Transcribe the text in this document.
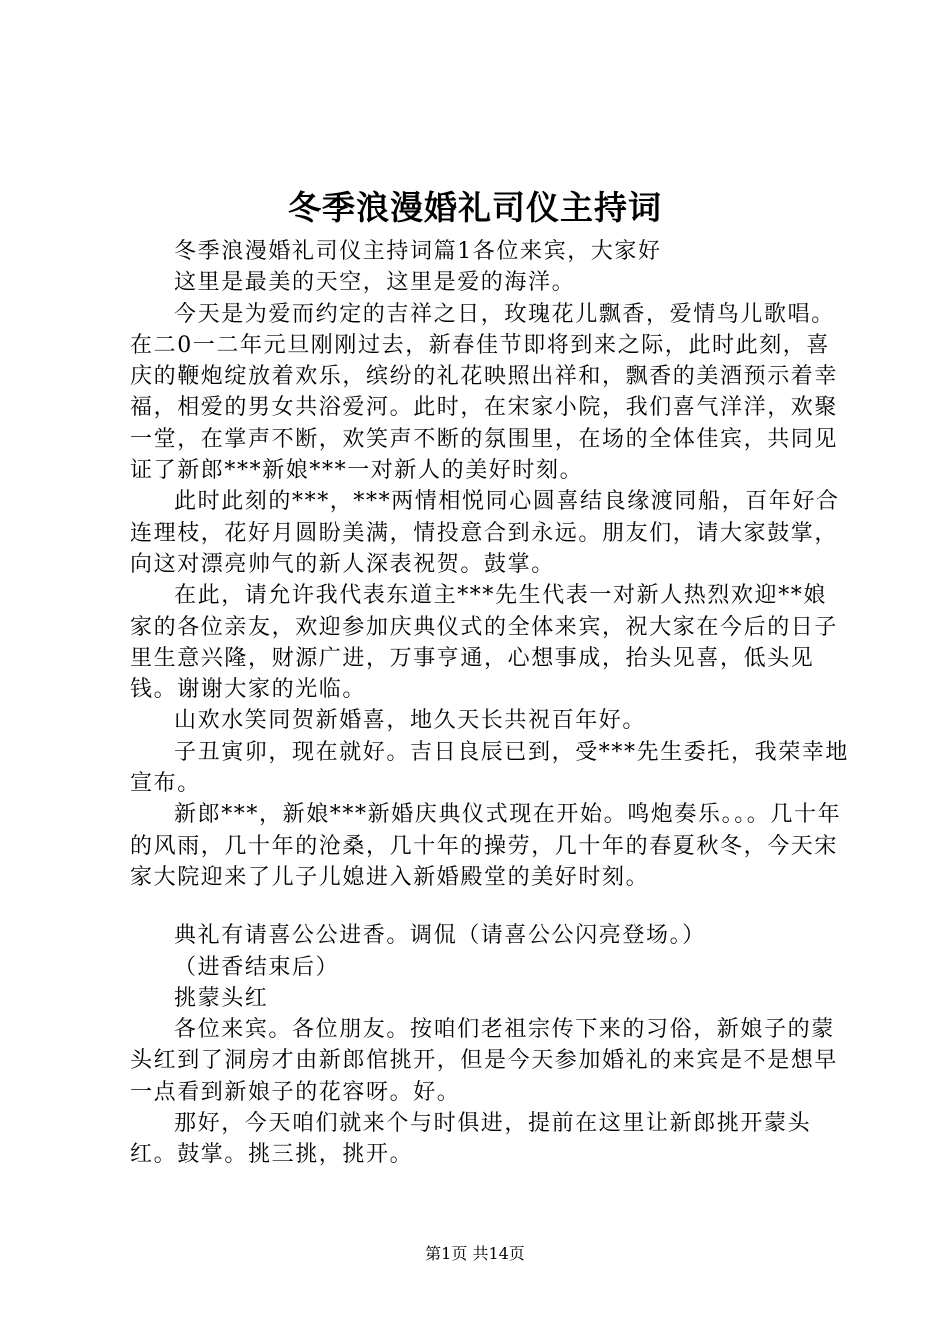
冬季浪漫婚礼司仪主持词

冬季浪漫婚礼司仪主持词篇1各位来宾，大家好

这里是最美的天空，这里是爱的海洋。

今天是为爱而约定的吉祥之日，玫瑰花儿飘香，爱情鸟儿歌唱。在二0一二年元旦刚刚过去，新春佳节即将到来之际，此时此刻，喜庆的鞭炮绽放着欢乐，缤纷的礼花映照出祥和，飘香的美酒预示着幸福，相爱的男女共浴爱河。此时，在宋家小院，我们喜气洋洋，欢聚一堂，在掌声不断，欢笑声不断的氛围里，在场的全体佳宾，共同见证了新郎***新娘***一对新人的美好时刻。

此时此刻的***，***两情相悦同心圆喜结良缘渡同船，百年好合连理枝，花好月圆盼美满，情投意合到永远。朋友们，请大家鼓掌，向这对漂亮帅气的新人深表祝贺。鼓掌。

在此，请允许我代表东道主***先生代表一对新人热烈欢迎**娘家的各位亲友，欢迎参加庆典仪式的全体来宾，祝大家在今后的日子里生意兴隆，财源广进，万事亨通，心想事成，抬头见喜，低头见钱。谢谢大家的光临。

山欢水笑同贺新婚喜，地久天长共祝百年好。

子丑寅卯，现在就好。吉日良辰已到，受***先生委托，我荣幸地宣布。

新郎***，新娘***新婚庆典仪式现在开始。鸣炮奏乐。。。几十年的风雨，几十年的沧桑，几十年的操劳，几十年的春夏秋冬，今天宋家大院迎来了儿子儿媳进入新婚殿堂的美好时刻。

典礼有请喜公公进香。调侃（请喜公公闪亮登场。）

（进香结束后）

挑蒙头红

各位来宾。各位朋友。按咱们老祖宗传下来的习俗，新娘子的蒙头红到了洞房才由新郎倌挑开，但是今天参加婚礼的来宾是不是想早一点看到新娘子的花容呀。好。

那好，今天咱们就来个与时俱进，提前在这里让新郎挑开蒙头红。鼓掌。挑三挑，挑开。

第1页 共14页
